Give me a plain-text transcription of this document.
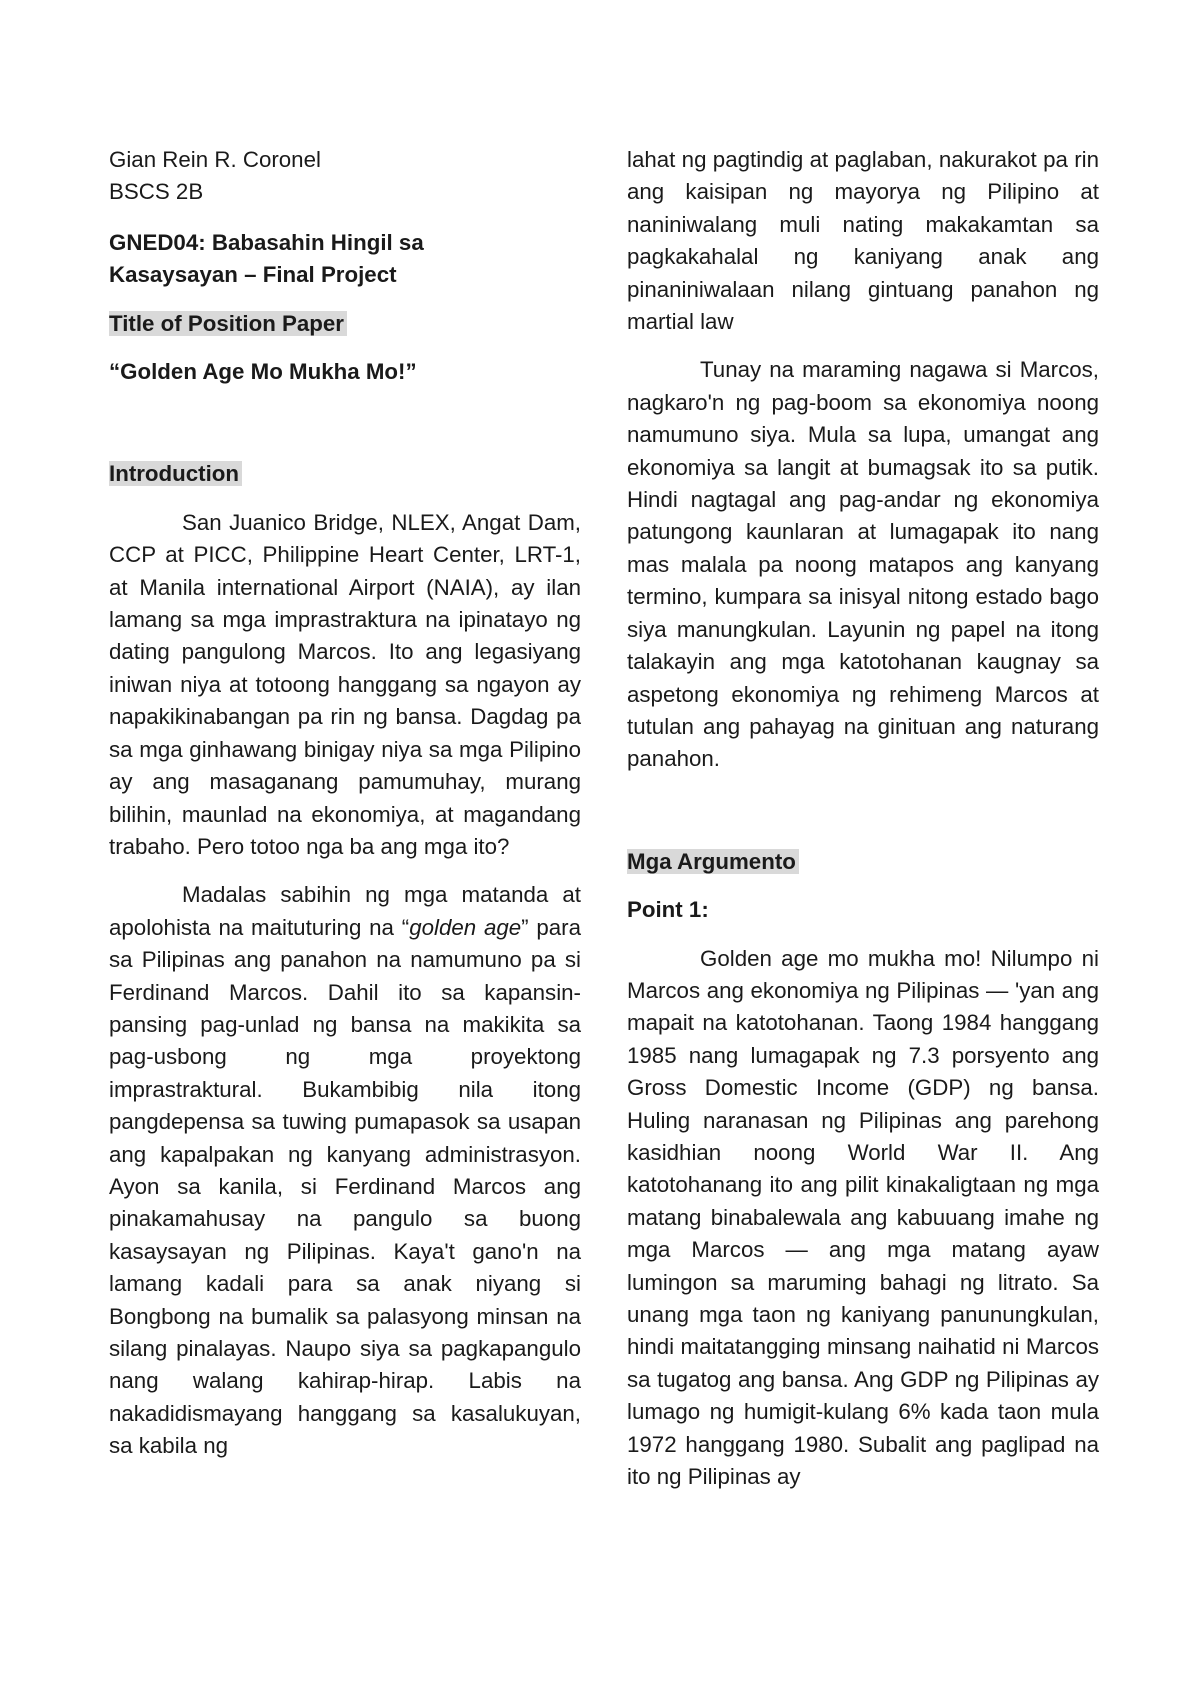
Gian Rein R. Coronel

BSCS 2B

GNED04: Babasahin Hingil sa

Kasaysayan – Final Project

Title of Position Paper

“Golden Age Mo Mukha Mo!”

Introduction

San Juanico Bridge, NLEX, Angat Dam, CCP at PICC, Philippine Heart Center, LRT-1, at Manila international Airport (NAIA), ay ilan lamang sa mga imprastraktura na ipinatayo ng dating pangulong Marcos. Ito ang legasiyang iniwan niya at totoong hanggang sa ngayon ay napakikinabangan pa rin ng bansa. Dagdag pa sa mga ginhawang binigay niya sa mga Pilipino ay ang masaganang pamumuhay, murang bilihin, maunlad na ekonomiya, at magandang trabaho. Pero totoo nga ba ang mga ito?

Madalas sabihin ng mga matanda at apolohista na maituturing na “golden age” para sa Pilipinas ang panahon na namumuno pa si Ferdinand Marcos. Dahil ito sa kapansin-pansing pag-unlad ng bansa na makikita sa pag-usbong ng mga proyektong imprastraktural. Bukambibig nila itong pangdepensa sa tuwing pumapasok sa usapan ang kapalpakan ng kanyang administrasyon. Ayon sa kanila, si Ferdinand Marcos ang pinakamahusay na pangulo sa buong kasaysayan ng Pilipinas. Kaya't gano'n na lamang kadali para sa anak niyang si Bongbong na bumalik sa palasyong minsan na silang pinalayas. Naupo siya sa pagkapangulo nang walang kahirap-hirap. Labis na nakadidismayang hanggang sa kasalukuyan, sa kabila ng

lahat ng pagtindig at paglaban, nakurakot pa rin ang kaisipan ng mayorya ng Pilipino at naniniwalang muli nating makakamtan sa pagkakahalal ng kaniyang anak ang pinaniniwalaan nilang gintuang panahon ng martial law

Tunay na maraming nagawa si Marcos, nagkaro'n ng pag-boom sa ekonomiya noong namumuno siya. Mula sa lupa, umangat ang ekonomiya sa langit at bumagsak ito sa putik. Hindi nagtagal ang pag-andar ng ekonomiya patungong kaunlaran at lumagapak ito nang mas malala pa noong matapos ang kanyang termino, kumpara sa inisyal nitong estado bago siya manungkulan. Layunin ng papel na itong talakayin ang mga katotohanan kaugnay sa aspetong ekonomiya ng rehimeng Marcos at tutulan ang pahayag na ginituan ang naturang panahon.

Mga Argumento

Point 1:

Golden age mo mukha mo! Nilumpo ni Marcos ang ekonomiya ng Pilipinas — 'yan ang mapait na katotohanan. Taong 1984 hanggang 1985 nang lumagapak ng 7.3 porsyento ang Gross Domestic Income (GDP) ng bansa. Huling naranasan ng Pilipinas ang parehong kasidhian noong World War II. Ang katotohanang ito ang pilit kinakaligtaan ng mga matang binabalewala ang kabuuang imahe ng mga Marcos — ang mga matang ayaw lumingon sa maruming bahagi ng litrato. Sa unang mga taon ng kaniyang panunungkulan, hindi maitatangging minsang naihatid ni Marcos sa tugatog ang bansa. Ang GDP ng Pilipinas ay lumago ng humigit-kulang 6% kada taon mula 1972 hanggang 1980. Subalit ang paglipad na ito ng Pilipinas ay
